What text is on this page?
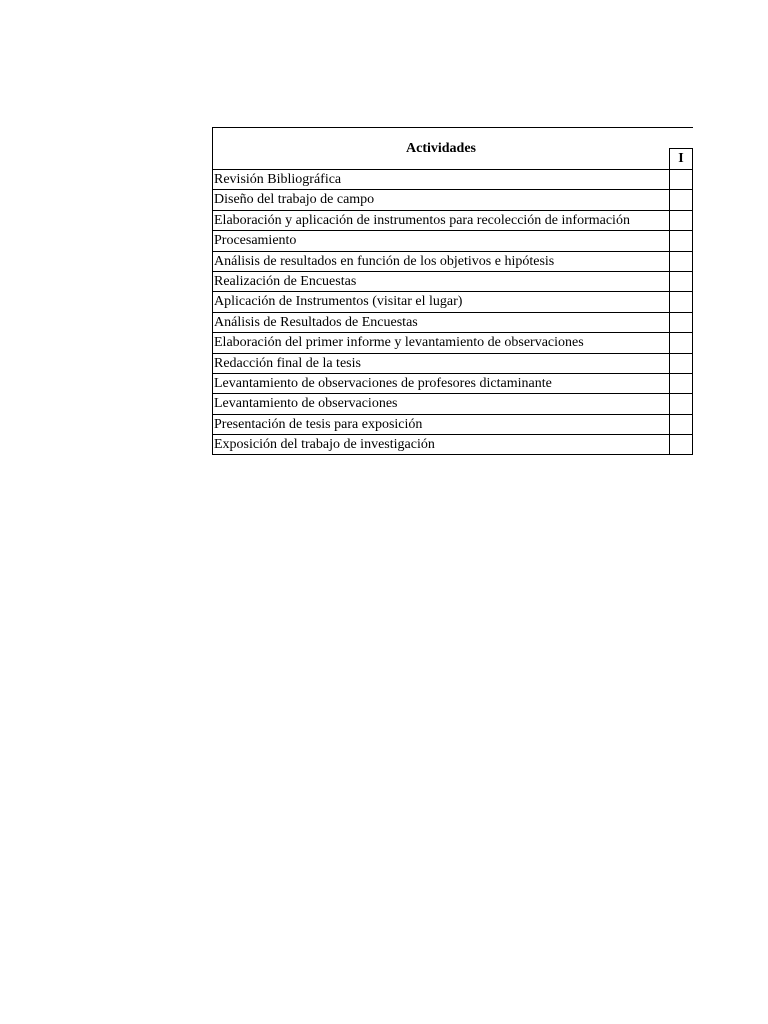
Actividades
I
Revisión Bibliográfica
Diseño del trabajo de campo
Elaboración y aplicación de instrumentos para recolección de información
Procesamiento
Análisis de resultados en función de los objetivos e hipótesis
Realización de Encuestas
Aplicación de Instrumentos (visitar el lugar)
Análisis de Resultados de Encuestas
Elaboración del primer informe y levantamiento de observaciones
Redacción final de la tesis
Levantamiento de observaciones de profesores dictaminante
Levantamiento de observaciones
Presentación de tesis para exposición
Exposición del trabajo de investigación
